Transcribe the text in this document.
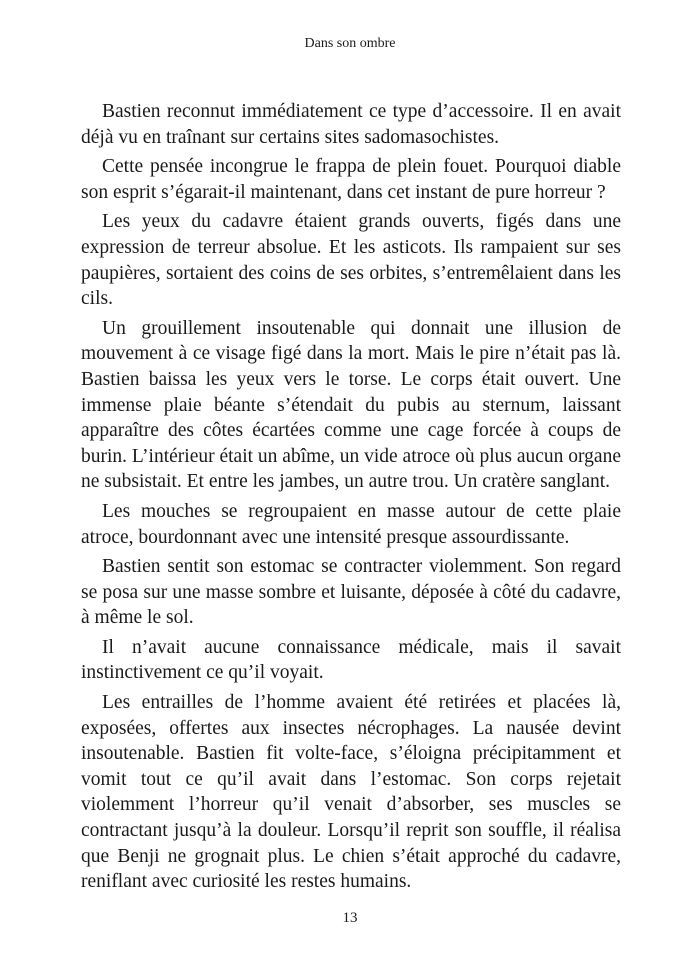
Dans son ombre

Bastien reconnut immédiatement ce type d’accessoire. Il en avait déjà vu en traînant sur certains sites sadomasochistes.

Cette pensée incongrue le frappa de plein fouet. Pourquoi diable son esprit s’égarait-il maintenant, dans cet instant de pure horreur ?

Les yeux du cadavre étaient grands ouverts, figés dans une expression de terreur absolue. Et les asticots. Ils rampaient sur ses paupières, sortaient des coins de ses orbites, s’entremêlaient dans les cils.

Un grouillement insoutenable qui donnait une illusion de mouvement à ce visage figé dans la mort. Mais le pire n’était pas là. Bastien baissa les yeux vers le torse. Le corps était ouvert. Une immense plaie béante s’étendait du pubis au sternum, laissant apparaître des côtes écartées comme une cage forcée à coups de burin. L’intérieur était un abîme, un vide atroce où plus aucun organe ne subsistait. Et entre les jambes, un autre trou. Un cratère sanglant.

Les mouches se regroupaient en masse autour de cette plaie atroce, bourdonnant avec une intensité presque assourdissante.

Bastien sentit son estomac se contracter violemment. Son regard se posa sur une masse sombre et luisante, déposée à côté du cadavre, à même le sol.

Il n’avait aucune connaissance médicale, mais il savait instinctivement ce qu’il voyait.

Les entrailles de l’homme avaient été retirées et placées là, exposées, offertes aux insectes nécrophages. La nausée devint insoutenable. Bastien fit volte-face, s’éloigna précipitamment et vomit tout ce qu’il avait dans l’estomac. Son corps rejetait violemment l’horreur qu’il venait d’absorber, ses muscles se contractant jusqu’à la douleur. Lorsqu’il reprit son souffle, il réalisa que Benji ne grognait plus. Le chien s’était approché du cadavre, reniflant avec curiosité les restes humains.

13
